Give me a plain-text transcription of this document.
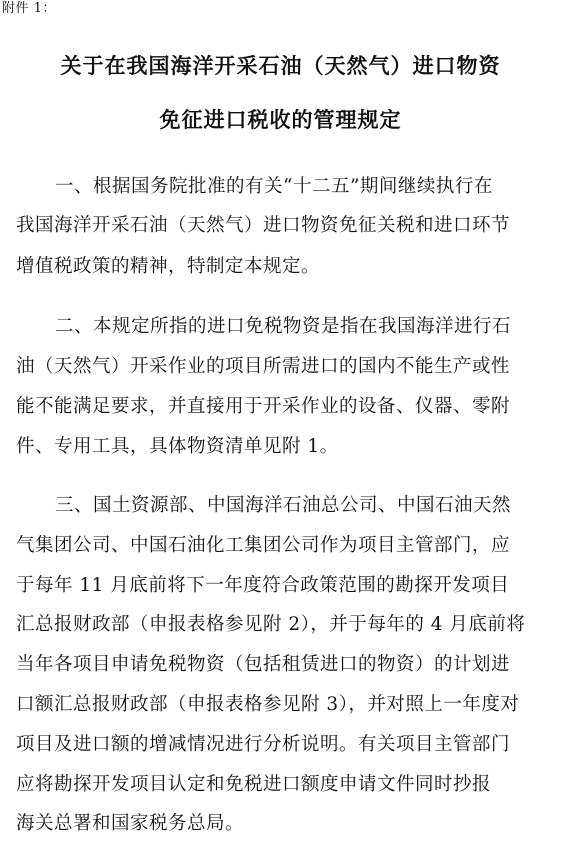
附件 1：
关于在我国海洋开采石油（天然气）进口物资
免征进口税收的管理规定
一、根据国务院批准的有关“十二五”期间继续执行在
我国海洋开采石油（天然气）进口物资免征关税和进口环节
增值税政策的精神，特制定本规定。
二、本规定所指的进口免税物资是指在我国海洋进行石
油（天然气）开采作业的项目所需进口的国内不能生产或性
能不能满足要求，并直接用于开采作业的设备、仪器、零附
件、专用工具，具体物资清单见附 1。
三、国土资源部、中国海洋石油总公司、中国石油天然
气集团公司、中国石油化工集团公司作为项目主管部门，应
于每年 11 月底前将下一年度符合政策范围的勘探开发项目
汇总报财政部（申报表格参见附 2），并于每年的 4 月底前将
当年各项目申请免税物资（包括租赁进口的物资）的计划进
口额汇总报财政部（申报表格参见附 3），并对照上一年度对
项目及进口额的增减情况进行分析说明。有关项目主管部门
应将勘探开发项目认定和免税进口额度申请文件同时抄报
海关总署和国家税务总局。
